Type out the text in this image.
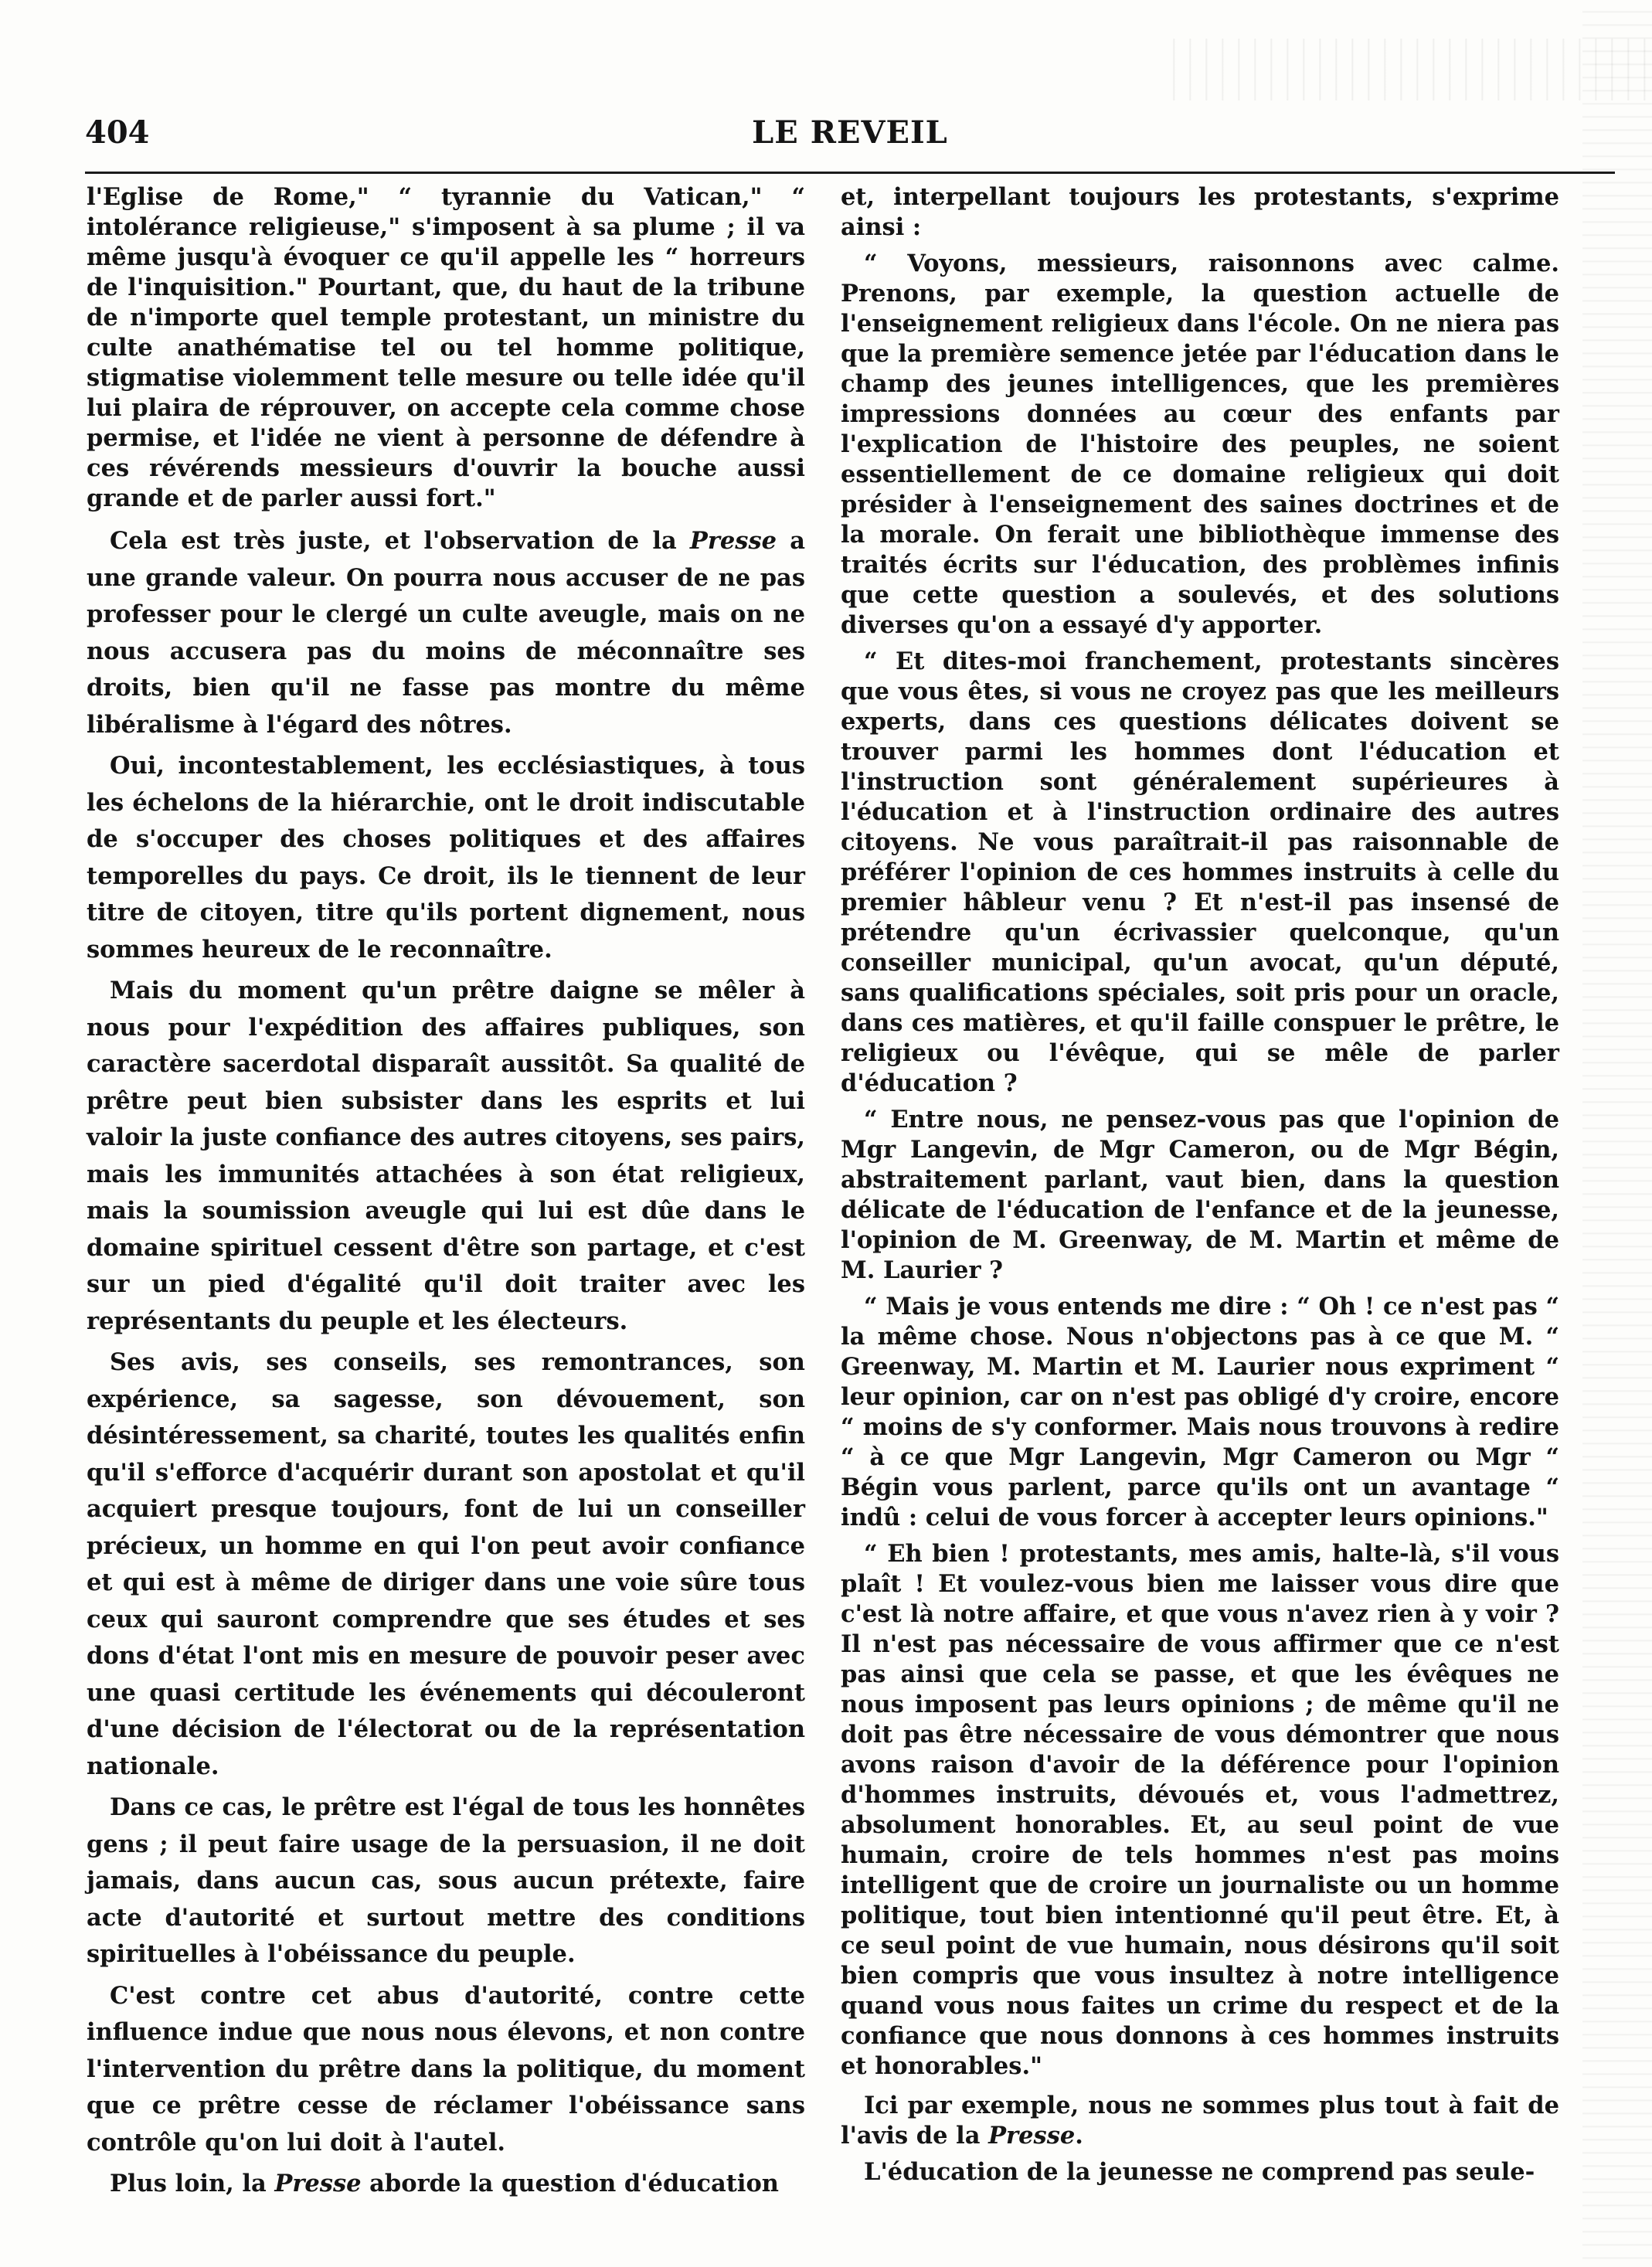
404	LE REVEIL

l'Eglise de Rome," “ tyrannie du Vatican," “ intolérance religieuse," s'imposent à sa plume ; il va même jusqu'à évoquer ce qu'il appelle les “ horreurs de l'inquisition." Pourtant, que, du haut de la tribune de n'importe quel temple protestant, un ministre du culte anathématise tel ou tel homme politique, stigmatise violemment telle mesure ou telle idée qu'il lui plaira de réprouver, on accepte cela comme chose permise, et l'idée ne vient à personne de défendre à ces révérends messieurs d'ouvrir la bouche aussi grande et de parler aussi fort."

Cela est très juste, et l'observation de la Presse a une grande valeur. On pourra nous accuser de ne pas professer pour le clergé un culte aveugle, mais on ne nous accusera pas du moins de méconnaître ses droits, bien qu'il ne fasse pas montre du même libéralisme à l'égard des nôtres.

Oui, incontestablement, les ecclésiastiques, à tous les échelons de la hiérarchie, ont le droit indiscutable de s'occuper des choses politiques et des affaires temporelles du pays. Ce droit, ils le tiennent de leur titre de citoyen, titre qu'ils portent dignement, nous sommes heureux de le reconnaître.

Mais du moment qu'un prêtre daigne se mêler à nous pour l'expédition des affaires publiques, son caractère sacerdotal disparaît aussitôt. Sa qualité de prêtre peut bien subsister dans les esprits et lui valoir la juste confiance des autres citoyens, ses pairs, mais les immunités attachées à son état religieux, mais la soumission aveugle qui lui est dûe dans le domaine spirituel cessent d'être son partage, et c'est sur un pied d'égalité qu'il doit traiter avec les représentants du peuple et les électeurs.

Ses avis, ses conseils, ses remontrances, son expérience, sa sagesse, son dévouement, son désintéressement, sa charité, toutes les qualités enfin qu'il s'efforce d'acquérir durant son apostolat et qu'il acquiert presque toujours, font de lui un conseiller précieux, un homme en qui l'on peut avoir confiance et qui est à même de diriger dans une voie sûre tous ceux qui sauront comprendre que ses études et ses dons d'état l'ont mis en mesure de pouvoir peser avec une quasi certitude les événements qui découleront d'une décision de l'électorat ou de la représentation nationale.

Dans ce cas, le prêtre est l'égal de tous les honnêtes gens ; il peut faire usage de la persuasion, il ne doit jamais, dans aucun cas, sous aucun prétexte, faire acte d'autorité et surtout mettre des conditions spirituelles à l'obéissance du peuple.

C'est contre cet abus d'autorité, contre cette influence indue que nous nous élevons, et non contre l'intervention du prêtre dans la politique, du moment que ce prêtre cesse de réclamer l'obéissance sans contrôle qu'on lui doit à l'autel.

Plus loin, la Presse aborde la question d'éducation

et, interpellant toujours les protestants, s'exprime ainsi :

“ Voyons, messieurs, raisonnons avec calme. Prenons, par exemple, la question actuelle de l'enseignement religieux dans l'école. On ne niera pas que la première semence jetée par l'éducation dans le champ des jeunes intelligences, que les premières impressions données au cœur des enfants par l'explication de l'histoire des peuples, ne soient essentiellement de ce domaine religieux qui doit présider à l'enseignement des saines doctrines et de la morale. On ferait une bibliothèque immense des traités écrits sur l'éducation, des problèmes infinis que cette question a soulevés, et des solutions diverses qu'on a essayé d'y apporter.

“ Et dites-moi franchement, protestants sincères que vous êtes, si vous ne croyez pas que les meilleurs experts, dans ces questions délicates doivent se trouver parmi les hommes dont l'éducation et l'instruction sont généralement supérieures à l'éducation et à l'instruction ordinaire des autres citoyens. Ne vous paraîtrait-il pas raisonnable de préférer l'opinion de ces hommes instruits à celle du premier hâbleur venu ? Et n'est-il pas insensé de prétendre qu'un écrivassier quelconque, qu'un conseiller municipal, qu'un avocat, qu'un député, sans qualifications spéciales, soit pris pour un oracle, dans ces matières, et qu'il faille conspuer le prêtre, le religieux ou l'évêque, qui se mêle de parler d'éducation ?

“ Entre nous, ne pensez-vous pas que l'opinion de Mgr Langevin, de Mgr Cameron, ou de Mgr Bégin, abstraitement parlant, vaut bien, dans la question délicate de l'éducation de l'enfance et de la jeunesse, l'opinion de M. Greenway, de M. Martin et même de M. Laurier ?

“ Mais je vous entends me dire : “ Oh ! ce n'est pas “ la même chose. Nous n'objectons pas à ce que M. “ Greenway, M. Martin et M. Laurier nous expriment “ leur opinion, car on n'est pas obligé d'y croire, encore “ moins de s'y conformer. Mais nous trouvons à redire “ à ce que Mgr Langevin, Mgr Cameron ou Mgr “ Bégin vous parlent, parce qu'ils ont un avantage “ indû : celui de vous forcer à accepter leurs opinions."

“ Eh bien ! protestants, mes amis, halte-là, s'il vous plaît ! Et voulez-vous bien me laisser vous dire que c'est là notre affaire, et que vous n'avez rien à y voir ? Il n'est pas nécessaire de vous affirmer que ce n'est pas ainsi que cela se passe, et que les évêques ne nous imposent pas leurs opinions ; de même qu'il ne doit pas être nécessaire de vous démontrer que nous avons raison d'avoir de la déférence pour l'opinion d'hommes instruits, dévoués et, vous l'admettrez, absolument honorables. Et, au seul point de vue humain, croire de tels hommes n'est pas moins intelligent que de croire un journaliste ou un homme politique, tout bien intentionné qu'il peut être. Et, à ce seul point de vue humain, nous désirons qu'il soit bien compris que vous insultez à notre intelligence quand vous nous faites un crime du respect et de la confiance que nous donnons à ces hommes instruits et honorables."

Ici par exemple, nous ne sommes plus tout à fait de l'avis de la Presse.

L'éducation de la jeunesse ne comprend pas seule-
